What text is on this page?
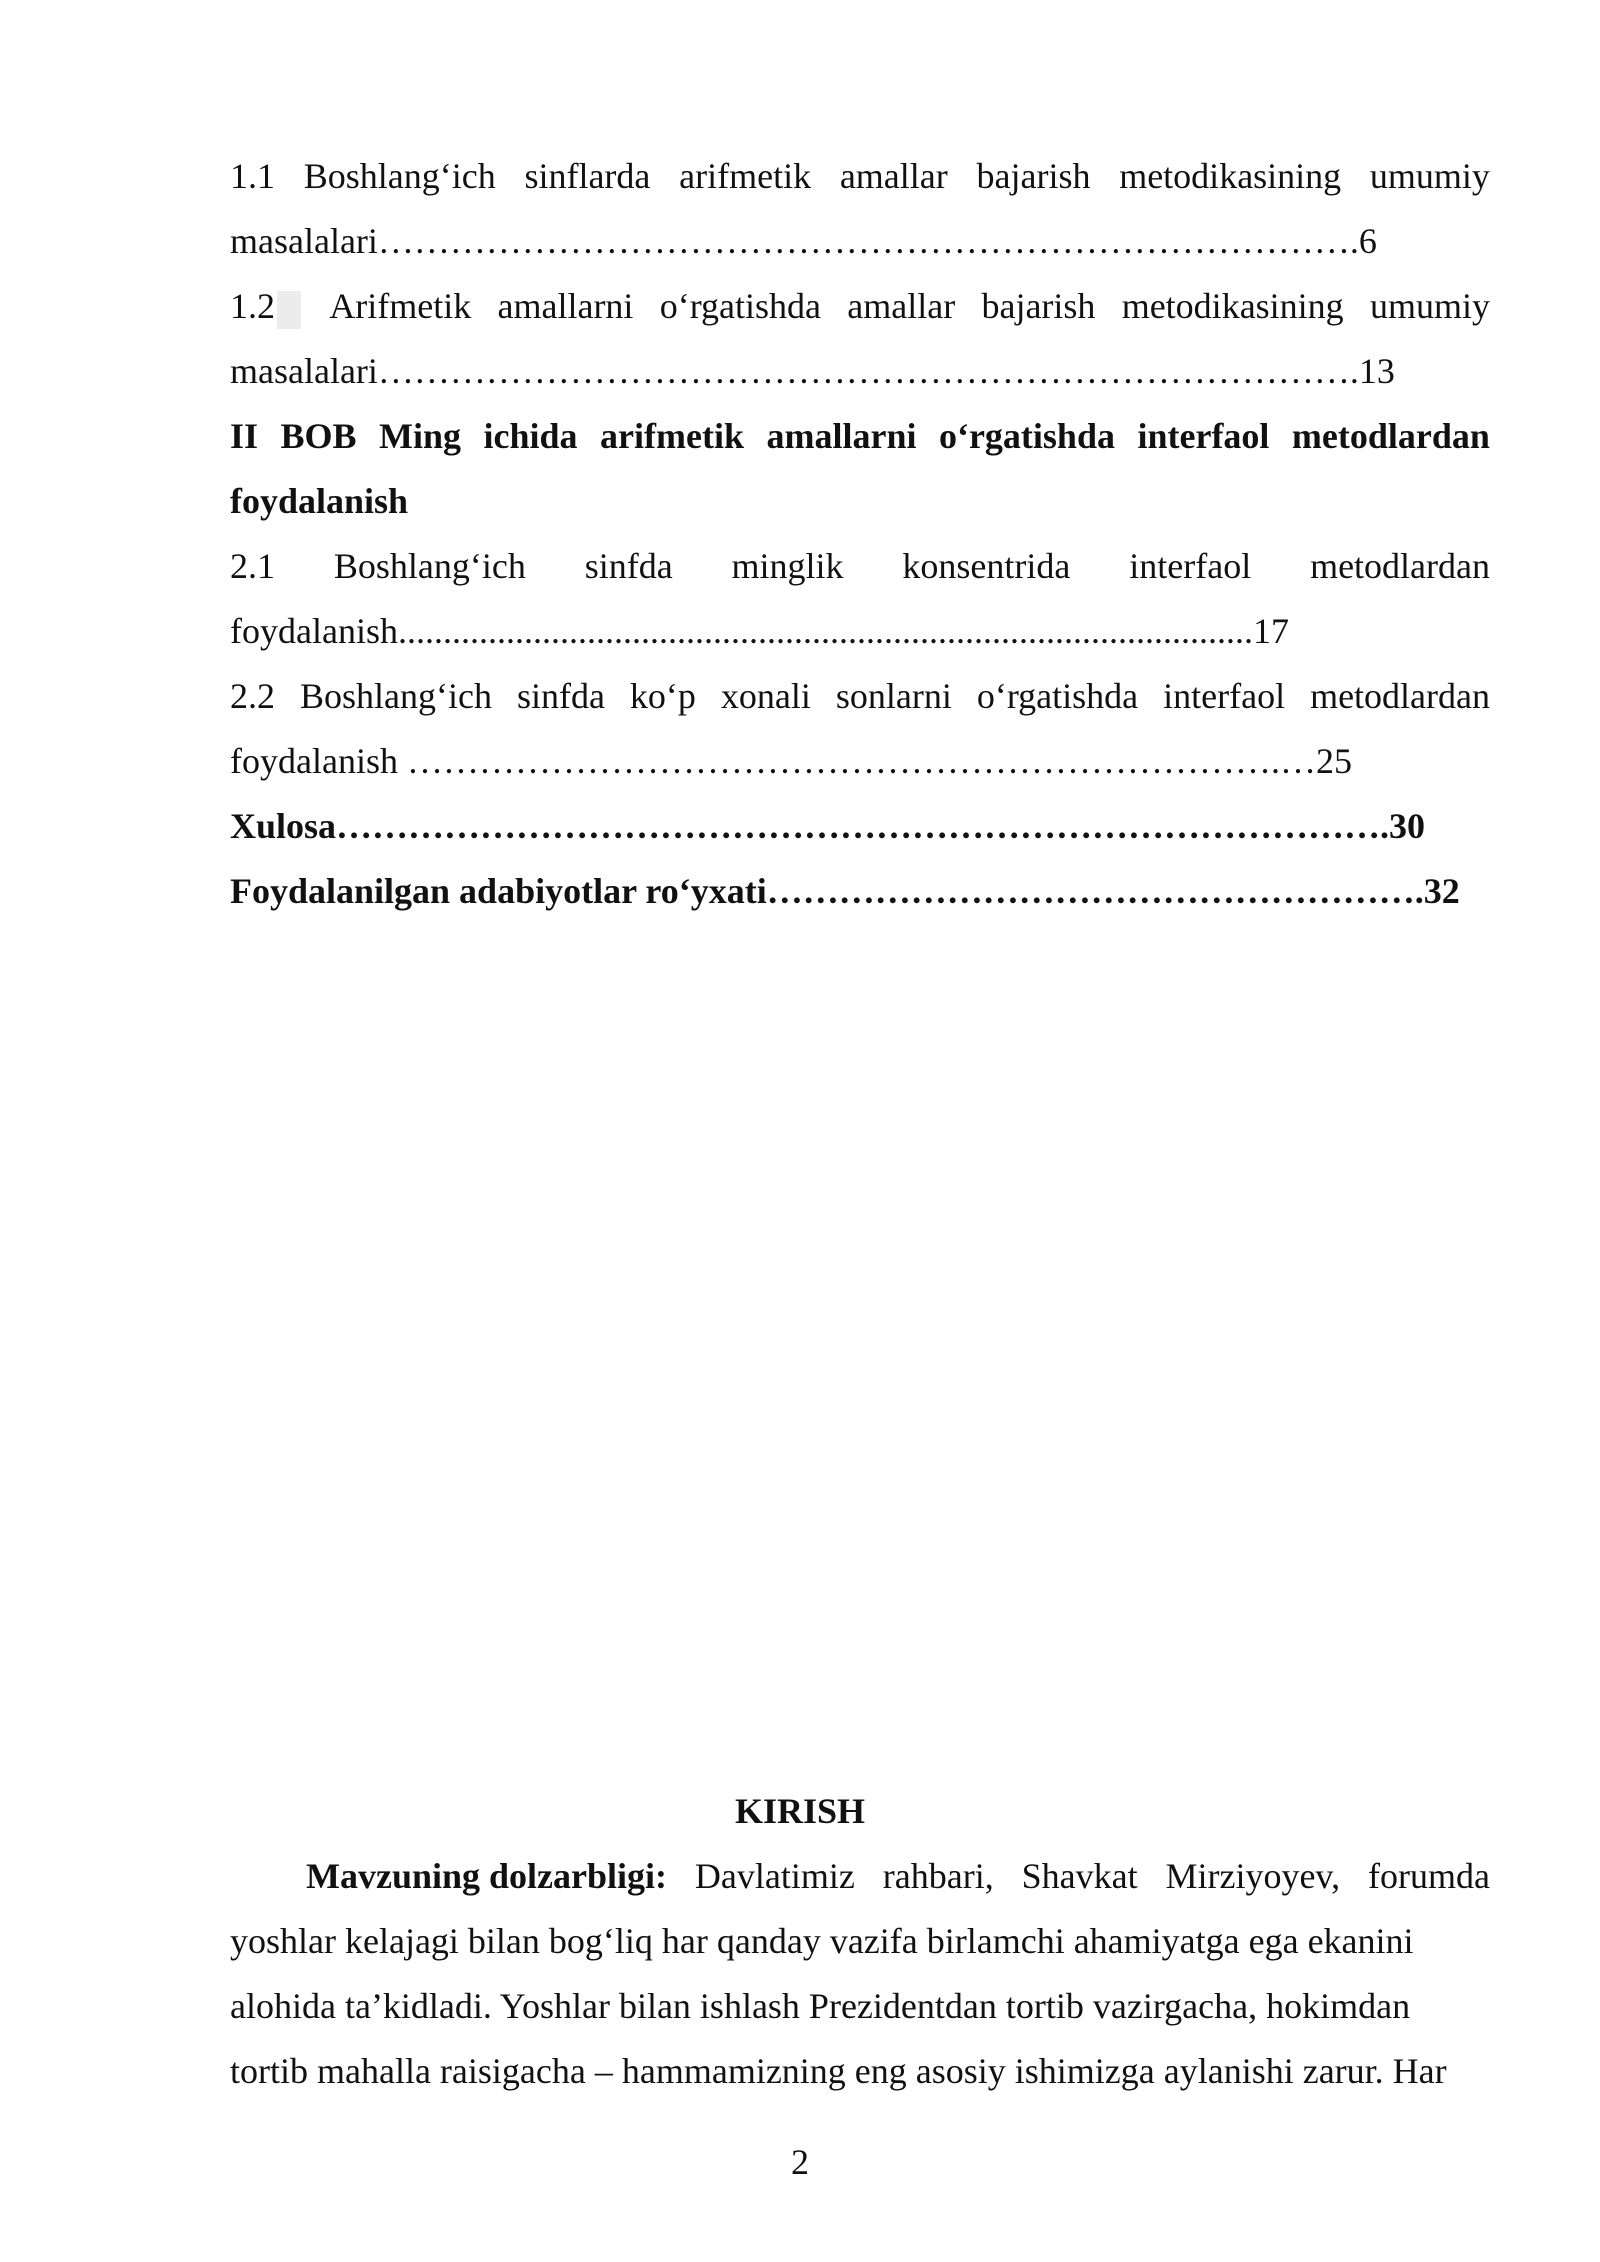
1.1 Boshlang‘ich sinflarda arifmetik amallar bajarish metodikasining umumiy
masalalari……………………………………………………………………….6
1.2	Arifmetik amallarni o‘rgatishda amallar bajarish metodikasining umumiy
masalalari……………………………………………………………………….13
II BOB Ming ichida arifmetik amallarni o‘rgatishda interfaol metodlardan
foydalanish
2.1 Boshlang‘ich sinfda minglik konsentrida interfaol metodlardan
foydalanish...............................................................................................17
2.2 Boshlang‘ich sinfda ko‘p xonali sonlarni o‘rgatishda interfaol metodlardan
foydalanish ……………………………………………………………….…25
Xulosa…………………………………………………………………………….30
Foydalanilgan adabiyotlar ro‘yxati……………………………………………….32
KIRISH
Mavzuning dolzarbligi: Davlatimiz rahbari, Shavkat Mirziyoyev, forumda
yoshlar kelajagi bilan bog‘liq har qanday vazifa birlamchi ahamiyatga ega ekanini
alohida ta’kidladi. Yoshlar bilan ishlash Prezidentdan tortib vazirgacha, hokimdan
tortib mahalla raisigacha – hammamizning eng asosiy ishimizga aylanishi zarur. Har
2
